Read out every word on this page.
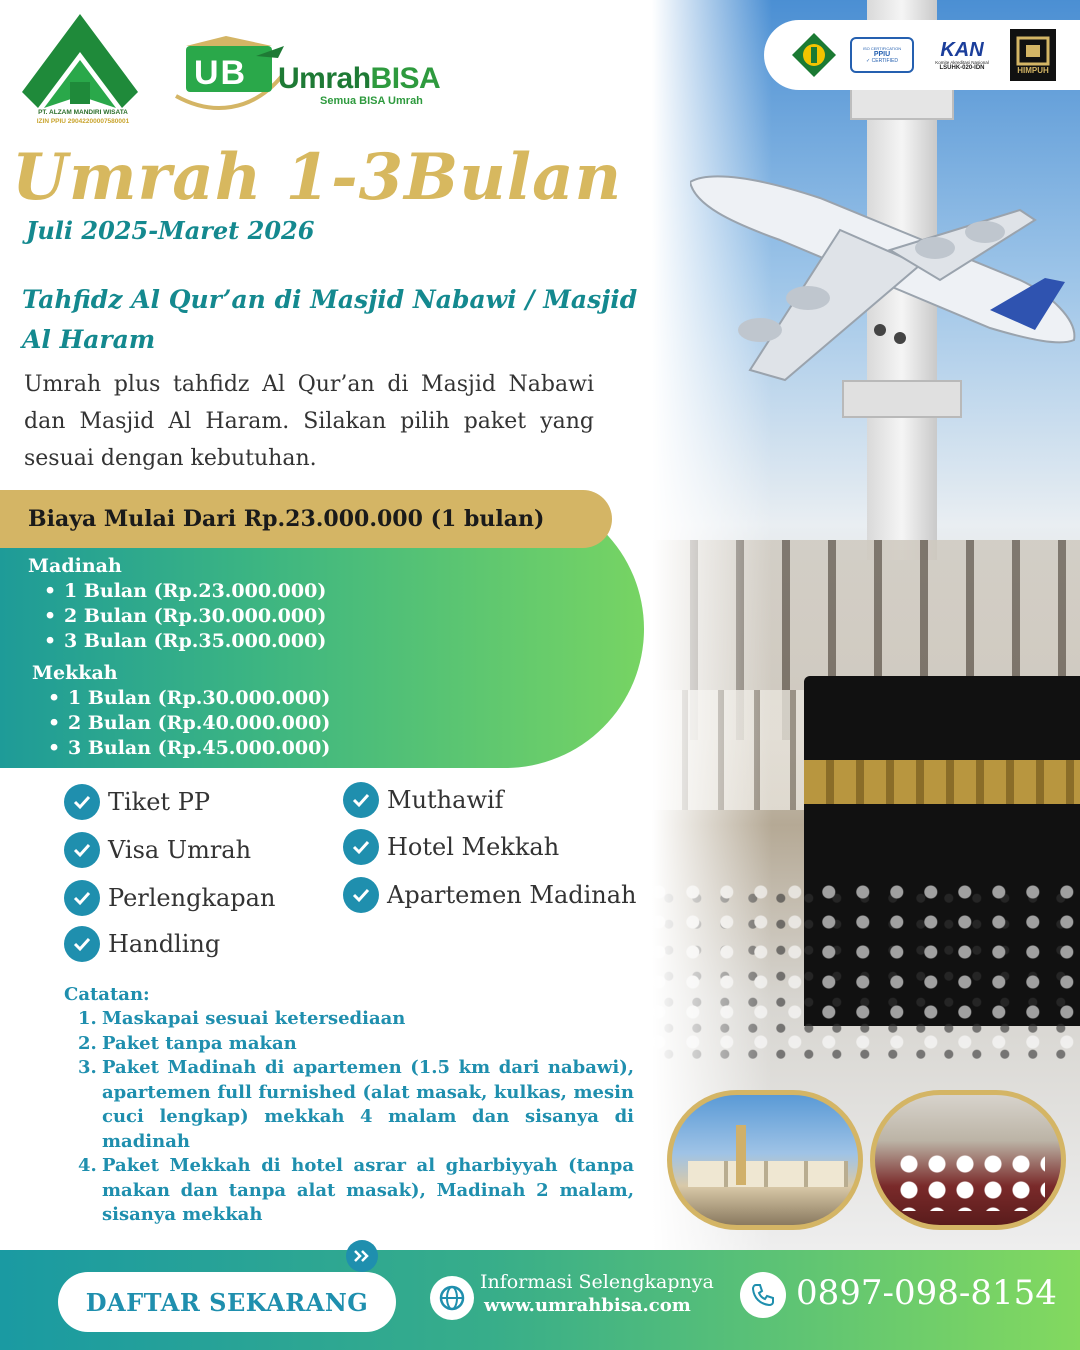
ISO CERTIFICATION
PPIU
✓ CERTIFIED
KAN
Komite Akreditasi Nasional
LSUHK-020-IDN	HIMPUH
PT. ALZAM MANDIRI WISATA
IZIN PPIU 29042200007580001
UB UmrahBISA
Semua BISA Umrah
Umrah 1-3Bulan
Juli 2025-Maret 2026
Tahfidz Al Qur’an di Masjid Nabawi / Masjid Al Haram
Umrah plus tahfidz Al Qur’an di Masjid Nabawi dan Masjid Al Haram. Silakan pilih paket yang sesuai dengan kebutuhan.
Biaya Mulai Dari Rp.23.000.000 (1 bulan)
Madinah
• 1 Bulan (Rp.23.000.000)
• 2 Bulan (Rp.30.000.000)
• 3 Bulan (Rp.35.000.000)
Mekkah
• 1 Bulan (Rp.30.000.000)
• 2 Bulan (Rp.40.000.000)
• 3 Bulan (Rp.45.000.000)
Tiket PP
Visa Umrah
Perlengkapan
Handling
Muthawif
Hotel Mekkah
Apartemen Madinah
Catatan:
1. Maskapai sesuai ketersediaan
2. Paket tanpa makan
3. Paket Madinah di apartemen (1.5 km dari nabawi), apartemen full furnished (alat masak, kulkas, mesin cuci lengkap) mekkah 4 malam dan sisanya di madinah
4. Paket Mekkah di hotel asrar al gharbiyyah (tanpa makan dan tanpa alat masak), Madinah 2 malam, sisanya mekkah
DAFTAR SEKARANG
Informasi Selengkapnya
www.umrahbisa.com	0897-098-8154
